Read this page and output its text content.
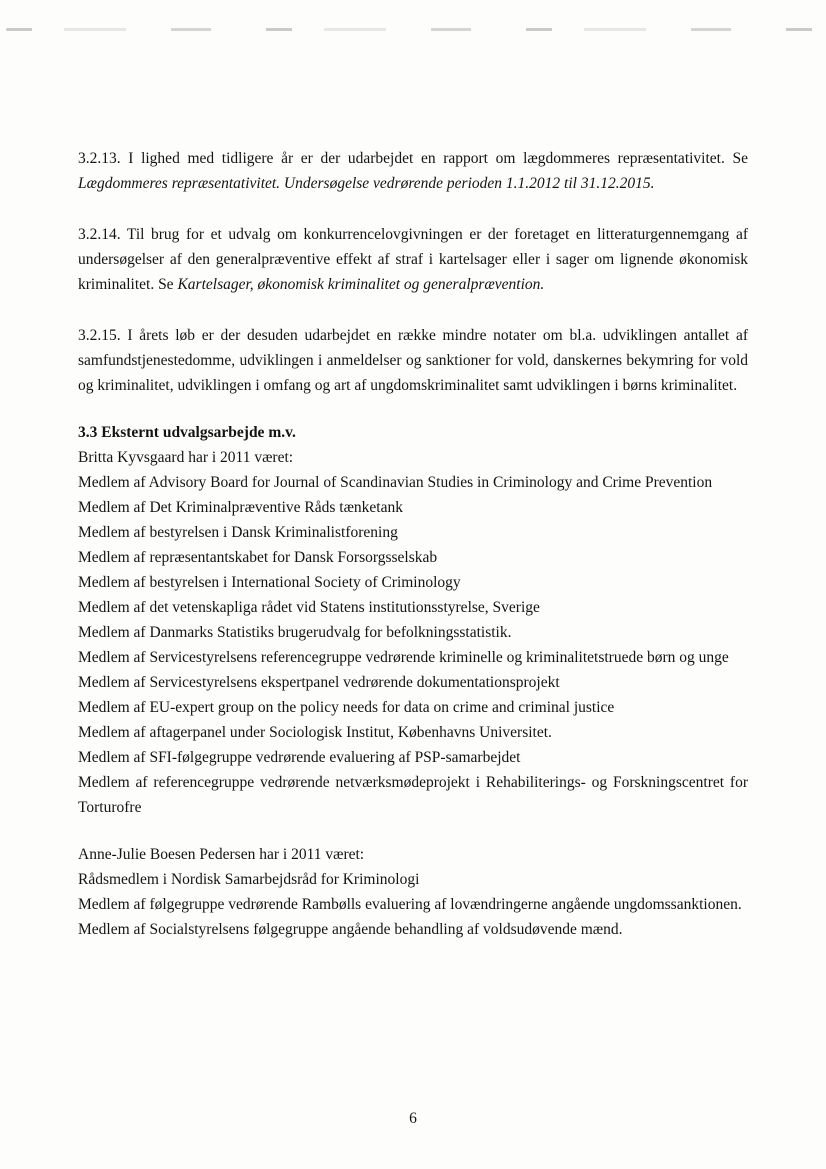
3.2.13. I lighed med tidligere år er der udarbejdet en rapport om lægdommeres repræsentativitet. Se Lægdommeres repræsentativitet. Undersøgelse vedrørende perioden 1.1.2012 til 31.12.2015.

3.2.14. Til brug for et udvalg om konkurrencelovgivningen er der foretaget en litteraturgennemgang af undersøgelser af den generalpræventive effekt af straf i kartelsager eller i sager om lignende økonomisk kriminalitet. Se Kartelsager, økonomisk kriminalitet og generalprævention.

3.2.15. I årets løb er der desuden udarbejdet en række mindre notater om bl.a. udviklingen antallet af samfundstjenestedomme, udviklingen i anmeldelser og sanktioner for vold, danskernes bekymring for vold og kriminalitet, udviklingen i omfang og art af ungdomskriminalitet samt udviklingen i børns kriminalitet.

3.3 Eksternt udvalgsarbejde m.v.

Britta Kyvsgaard har i 2011 været:

Medlem af Advisory Board for Journal of Scandinavian Studies in Criminology and Crime Prevention

Medlem af Det Kriminalpræventive Råds tænketank

Medlem af bestyrelsen i Dansk Kriminalistforening

Medlem af repræsentantskabet for Dansk Forsorgsselskab

Medlem af bestyrelsen i International Society of Criminology

Medlem af det vetenskapliga rådet vid Statens institutionsstyrelse, Sverige

Medlem af Danmarks Statistiks brugerudvalg for befolkningsstatistik.

Medlem af Servicestyrelsens referencegruppe vedrørende kriminelle og kriminalitetstruede børn og unge

Medlem af Servicestyrelsens ekspertpanel vedrørende dokumentationsprojekt

Medlem af EU-expert group on the policy needs for data on crime and criminal justice

Medlem af aftagerpanel under Sociologisk Institut, Københavns Universitet.

Medlem af SFI-følgegruppe vedrørende evaluering af PSP-samarbejdet

Medlem af referencegruppe vedrørende netværksmødeprojekt i Rehabiliterings- og Forskningscentret for Torturofre

Anne-Julie Boesen Pedersen har i 2011 været:

Rådsmedlem i Nordisk Samarbejdsråd for Kriminologi

Medlem af følgegruppe vedrørende Rambølls evaluering af lovændringerne angående ungdomssanktionen.

Medlem af Socialstyrelsens følgegruppe angående behandling af voldsudøvende mænd.

6
